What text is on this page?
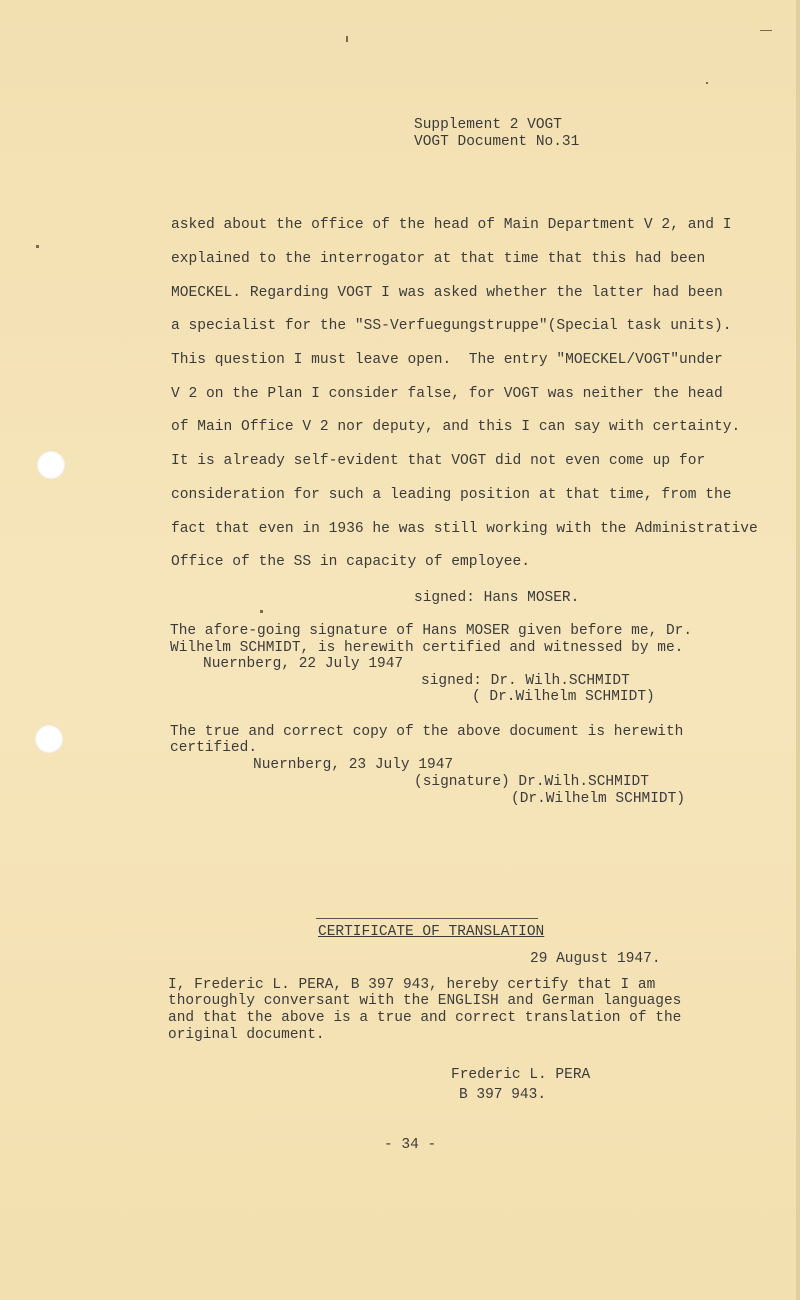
Supplement 2 VOGT
VOGT Document No.31
asked about the office of the head of Main Department V 2, and I
explained to the interrogator at that time that this had been
MOECKEL. Regarding VOGT I was asked whether the latter had been
a specialist for the "SS-Verfuegungstruppe"(Special task units).
This question I must leave open.  The entry "MOECKEL/VOGT"under
V 2 on the Plan I consider false, for VOGT was neither the head
of Main Office V 2 nor deputy, and this I can say with certainty.
It is already self-evident that VOGT did not even come up for
consideration for such a leading position at that time, from the
fact that even in 1936 he was still working with the Administrative
Office of the SS in capacity of employee.
signed: Hans MOSER.
The afore-going signature of Hans MOSER given before me, Dr.
Wilhelm SCHMIDT, is herewith certified and witnessed by me.
Nuernberg, 22 July 1947
signed: Dr. Wilh.SCHMIDT
( Dr.Wilhelm SCHMIDT)
The true and correct copy of the above document is herewith
certified.
Nuernberg, 23 July 1947
(signature) Dr.Wilh.SCHMIDT
(Dr.Wilhelm SCHMIDT)
CERTIFICATE OF TRANSLATION
29 August 1947.
I, Frederic L. PERA, B 397 943, hereby certify that I am
thoroughly conversant with the ENGLISH and German languages
and that the above is a true and correct translation of the
original document.
Frederic L. PERA
B 397 943.
- 34 -
